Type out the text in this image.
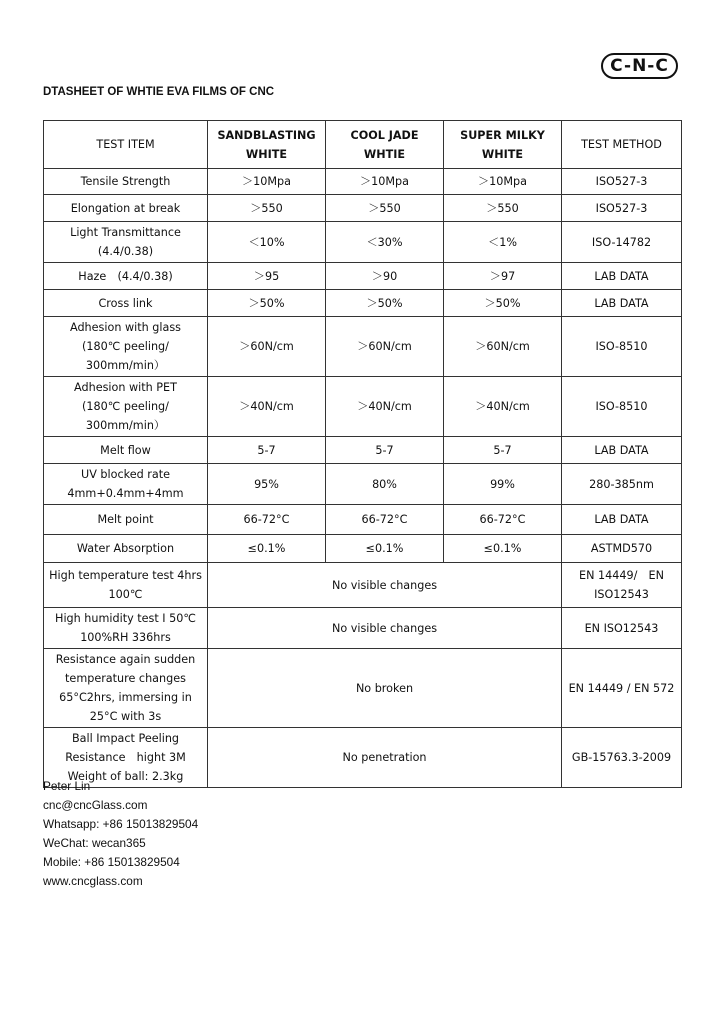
C-N-C
DTASHEET OF WHTIE EVA FILMS OF CNC
TEST ITEM	SANDBLASTING WHITE	COOL JADE WHTIE	SUPER MILKY WHITE	TEST METHOD
Tensile Strength	＞10Mpa	＞10Mpa	＞10Mpa	ISO527-3
Elongation at break	＞550	＞550	＞550	ISO527-3
Light Transmittance (4.4/0.38)	＜10%	＜30%	＜1%	ISO-14782
Haze　(4.4/0.38)	＞95	＞90	＞97	LAB DATA
Cross link	＞50%	＞50%	＞50%	LAB DATA
Adhesion with glass　(180℃ peeling/ 300mm/min）	＞60N/cm	＞60N/cm	＞60N/cm	ISO-8510
Adhesion with PET　　(180℃ peeling/ 300mm/min）	＞40N/cm	＞40N/cm	＞40N/cm	ISO-8510
Melt flow	5-7	5-7	5-7	LAB DATA
UV blocked rate 4mm+0.4mm+4mm	95%	80%	99%	280-385nm
Melt point	66-72°C	66-72°C	66-72°C	LAB DATA
Water Absorption	≤0.1%	≤0.1%	≤0.1%	ASTMD570
High temperature test 4hrs 100℃	No visible changes			EN 14449/　EN ISO12543
High humidity test Ⅰ 50℃ 100%RH 336hrs	No visible changes			EN ISO12543
Resistance again sudden temperature changes 65°C2hrs, immersing in 25°C with 3s	No broken			EN 14449 / EN 572
Ball Impact Peeling Resistance　hight 3M Weight of ball: 2.3kg	No penetration			GB-15763.3-2009
Peter Lin
cnc@cncGlass.com
Whatsapp: +86 15013829504
WeChat: wecan365
Mobile: +86 15013829504
www.cncglass.com
